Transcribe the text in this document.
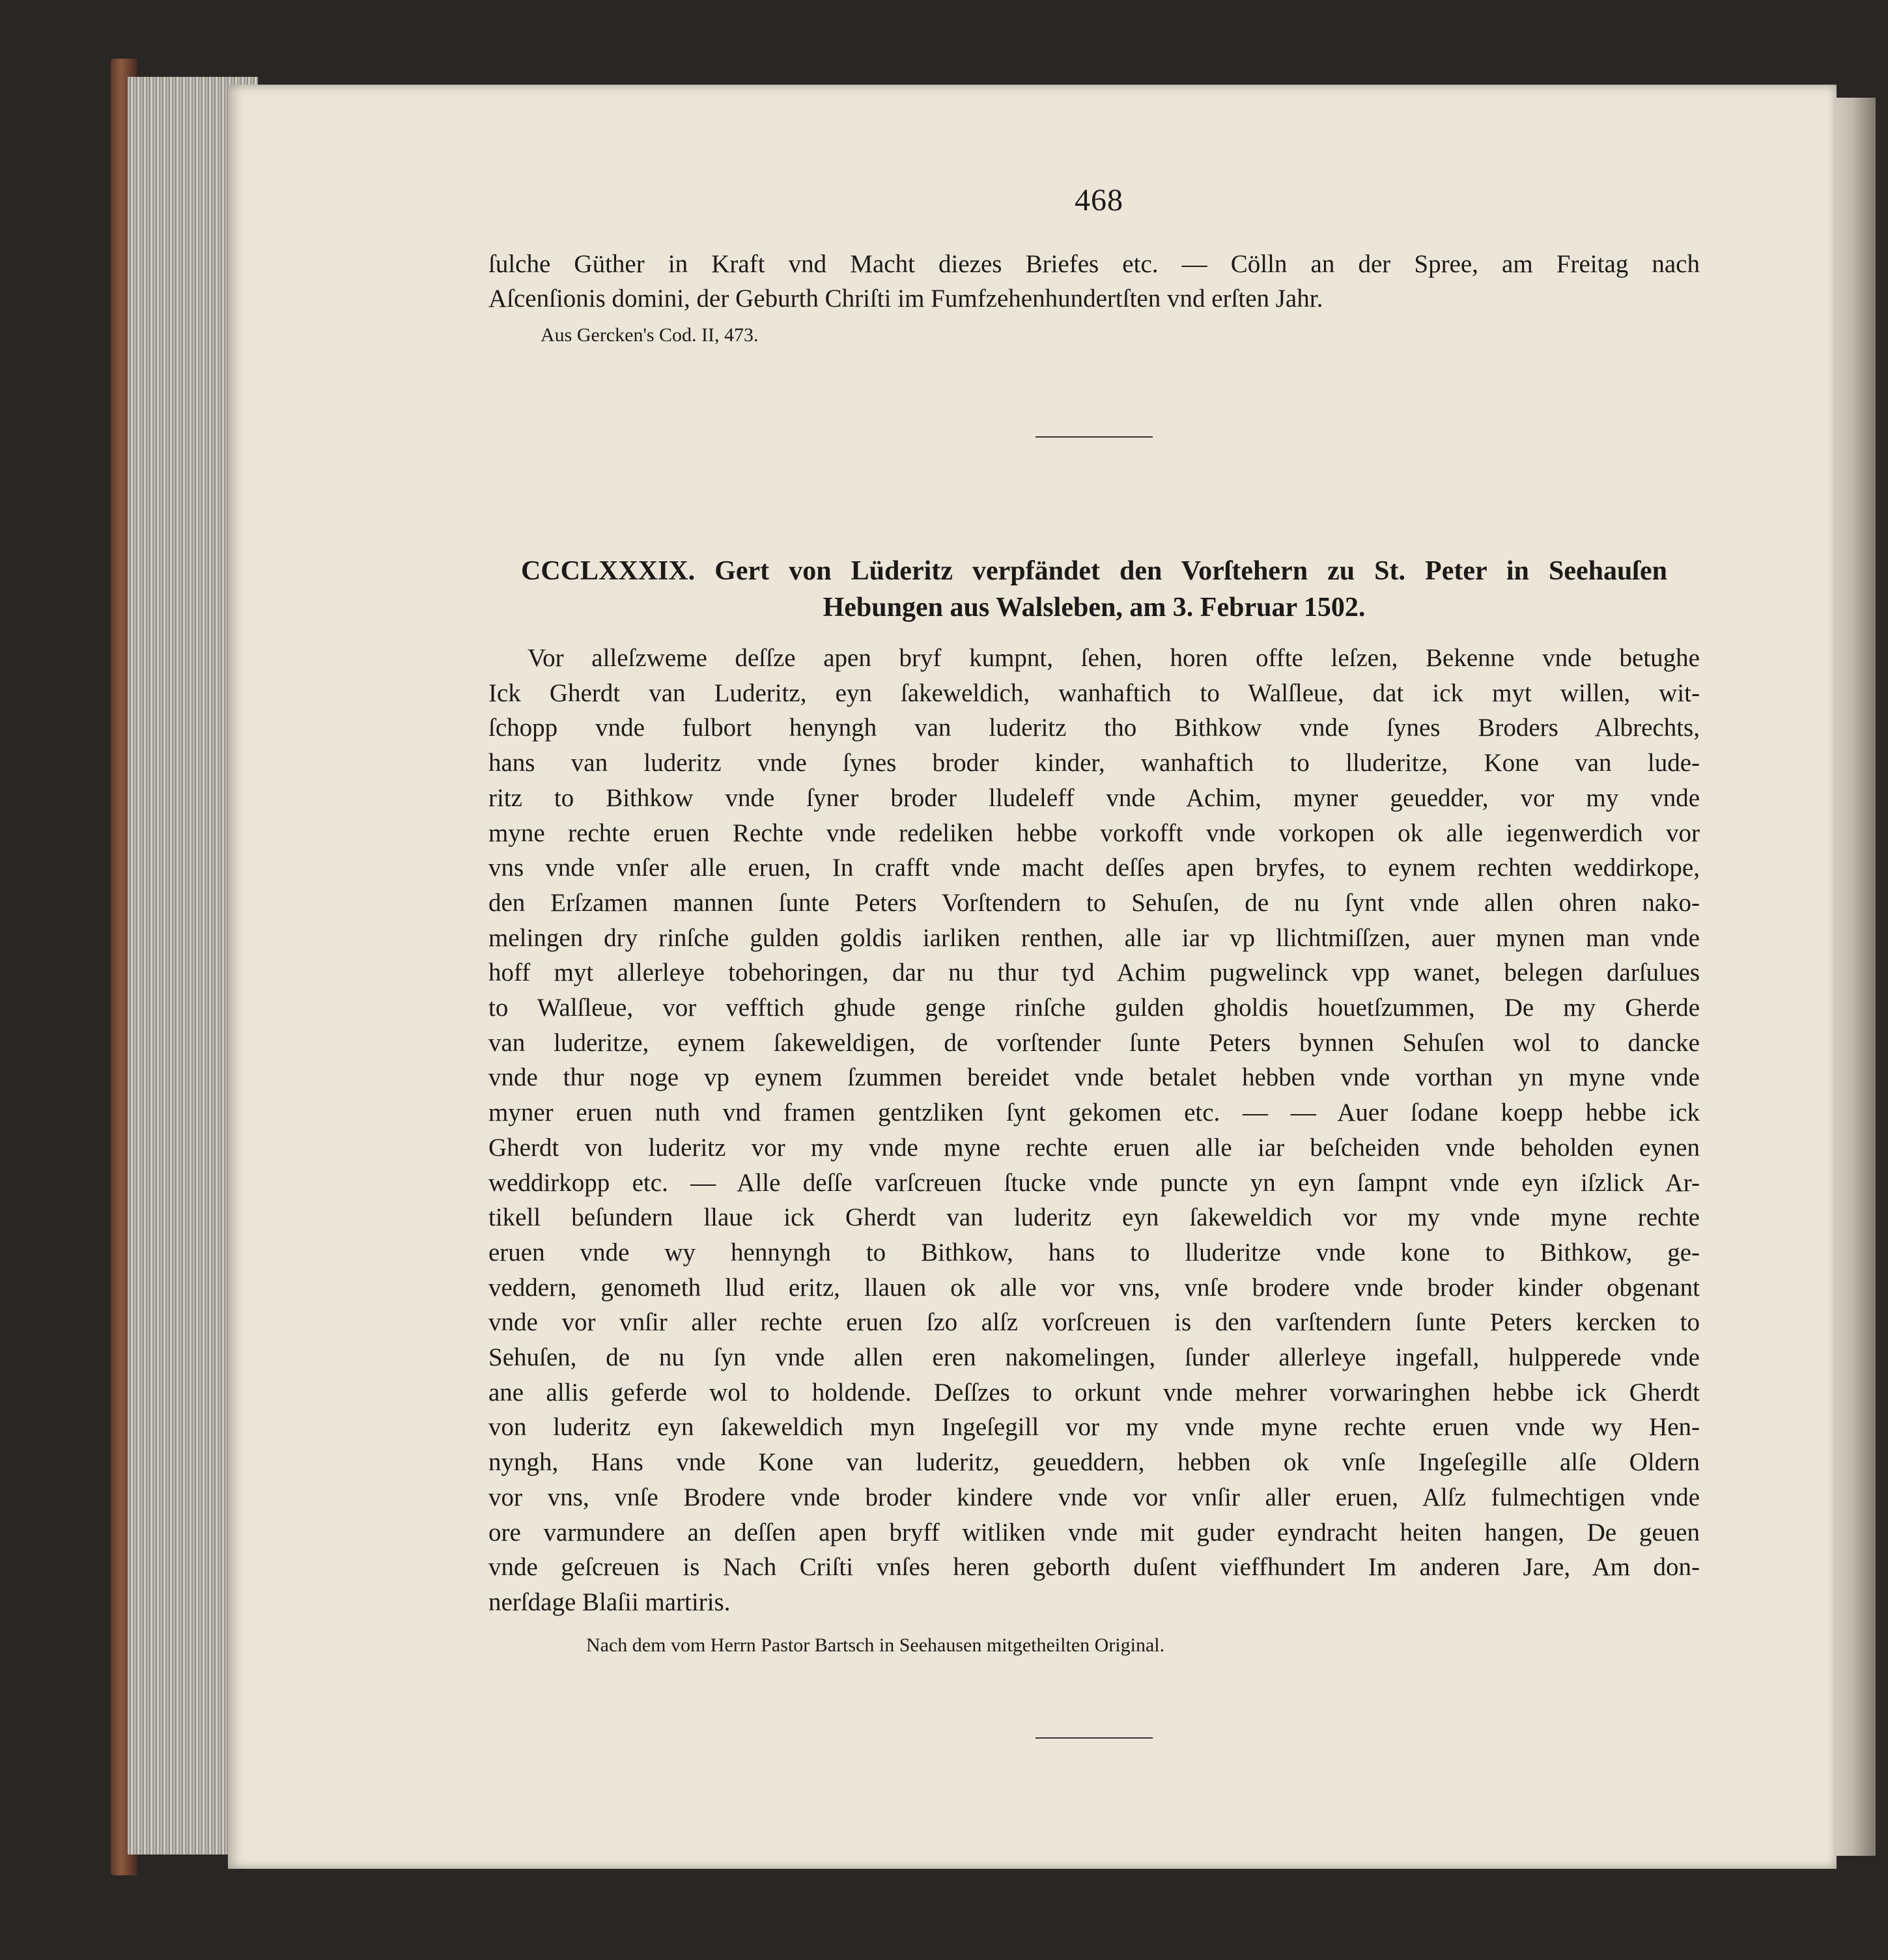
468
ſulche Güther in Kraft vnd Macht diezes Briefes etc. — Cölln an der Spree, am Freitag nach
Aſcenſionis domini, der Geburth Chriſti im Fumfzehenhundertſten vnd erſten Jahr.
Aus Gercken's Cod. II, 473.
CCCLXXXIX. Gert von Lüderitz verpfändet den Vorſtehern zu St. Peter in Seehauſen
Hebungen aus Walsleben, am 3. Februar 1502.
Vor alleſzweme deſſze apen bryf kumpnt, ſehen, horen offte leſzen, Bekenne vnde betughe
Ick Gherdt van Luderitz, eyn ſakeweldich, wanhaftich to Walſleue, dat ick myt willen, wit-
ſchopp vnde fulbort henyngh van luderitz tho Bithkow vnde ſynes Broders Albrechts,
hans van luderitz vnde ſynes broder kinder, wanhaftich to lluderitze, Kone van lude-
ritz to Bithkow vnde ſyner broder lludeleff vnde Achim, myner geuedder, vor my vnde
myne rechte eruen Rechte vnde redeliken hebbe vorkofft vnde vorkopen ok alle iegenwerdich vor
vns vnde vnſer alle eruen, In crafft vnde macht deſſes apen bryfes, to eynem rechten weddirkope,
den Erſzamen mannen ſunte Peters Vorſtendern to Sehuſen, de nu ſynt vnde allen ohren nako-
melingen dry rinſche gulden goldis iarliken renthen, alle iar vp llichtmiſſzen, auer mynen man vnde
hoff myt allerleye tobehoringen, dar nu thur tyd Achim pugwelinck vpp wanet, belegen darſulues
to Walſleue, vor vefftich ghude genge rinſche gulden gholdis houetſzummen, De my Gherde
van luderitze, eynem ſakeweldigen, de vorſtender ſunte Peters bynnen Sehuſen wol to dancke
vnde thur noge vp eynem ſzummen bereidet vnde betalet hebben vnde vorthan yn myne vnde
myner eruen nuth vnd framen gentzliken ſynt gekomen etc. — — Auer ſodane koepp hebbe ick
Gherdt von luderitz vor my vnde myne rechte eruen alle iar beſcheiden vnde beholden eynen
weddirkopp etc. — Alle deſſe varſcreuen ſtucke vnde puncte yn eyn ſampnt vnde eyn iſzlick Ar-
tikell beſundern llaue ick Gherdt van luderitz eyn ſakeweldich vor my vnde myne rechte
eruen vnde wy hennyngh to Bithkow, hans to lluderitze vnde kone to Bithkow, ge-
veddern, genometh llud eritz, llauen ok alle vor vns, vnſe brodere vnde broder kinder obgenant
vnde vor vnſir aller rechte eruen ſzo alſz vorſcreuen is den varſtendern ſunte Peters kercken to
Sehuſen, de nu ſyn vnde allen eren nakomelingen, ſunder allerleye ingefall, hulpperede vnde
ane allis geferde wol to holdende. Deſſzes to orkunt vnde mehrer vorwaringhen hebbe ick Gherdt
von luderitz eyn ſakeweldich myn Ingeſegill vor my vnde myne rechte eruen vnde wy Hen-
nyngh, Hans vnde Kone van luderitz, geueddern, hebben ok vnſe Ingeſegille alſe Oldern
vor vns, vnſe Brodere vnde broder kindere vnde vor vnſir aller eruen, Alſz fulmechtigen vnde
ore varmundere an deſſen apen bryff witliken vnde mit guder eyndracht heiten hangen, De geuen
vnde geſcreuen is Nach Criſti vnſes heren geborth duſent vieffhundert Im anderen Jare, Am don-
nerſdage Blaſii martiris.
Nach dem vom Herrn Pastor Bartsch in Seehausen mitgetheilten Original.
